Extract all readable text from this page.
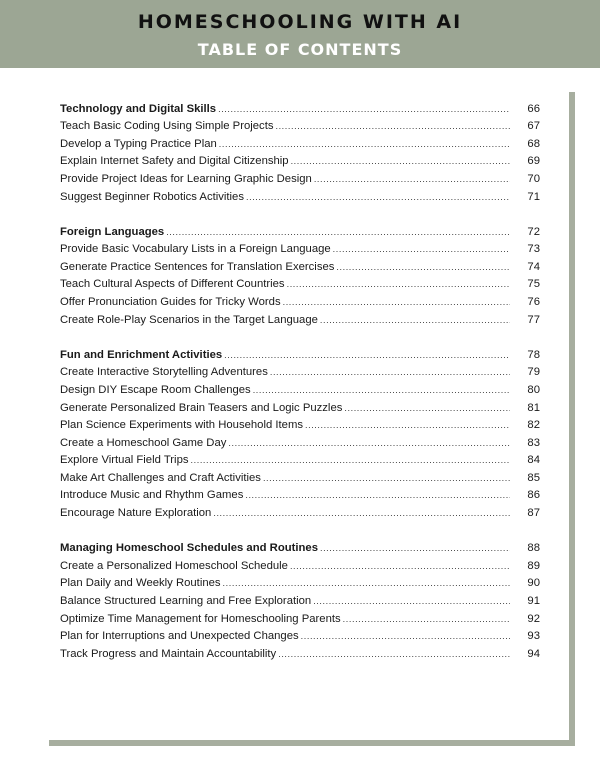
HOMESCHOOLING WITH AI
TABLE OF CONTENTS
Technology and Digital Skills .....	66
Teach Basic Coding Using Simple Projects .....	67
Develop a Typing Practice Plan .....	68
Explain Internet Safety and Digital Citizenship .....	69
Provide Project Ideas for Learning Graphic Design .....	70
Suggest Beginner Robotics Activities .....	71
Foreign Languages .....	72
Provide Basic Vocabulary Lists in a Foreign Language .....	73
Generate Practice Sentences for Translation Exercises .....	74
Teach Cultural Aspects of Different Countries .....	75
Offer Pronunciation Guides for Tricky Words .....	76
Create Role-Play Scenarios in the Target Language .....	77
Fun and Enrichment Activities .....	78
Create Interactive Storytelling Adventures .....	79
Design DIY Escape Room Challenges .....	80
Generate Personalized Brain Teasers and Logic Puzzles .....	81
Plan Science Experiments with Household Items .....	82
Create a Homeschool Game Day .....	83
Explore Virtual Field Trips .....	84
Make Art Challenges and Craft Activities .....	85
Introduce Music and Rhythm Games .....	86
Encourage Nature Exploration .....	87
Managing Homeschool Schedules and Routines .....	88
Create a Personalized Homeschool Schedule .....	89
Plan Daily and Weekly Routines .....	90
Balance Structured Learning and Free Exploration .....	91
Optimize Time Management for Homeschooling Parents .....	92
Plan for Interruptions and Unexpected Changes .....	93
Track Progress and Maintain Accountability .....	94
